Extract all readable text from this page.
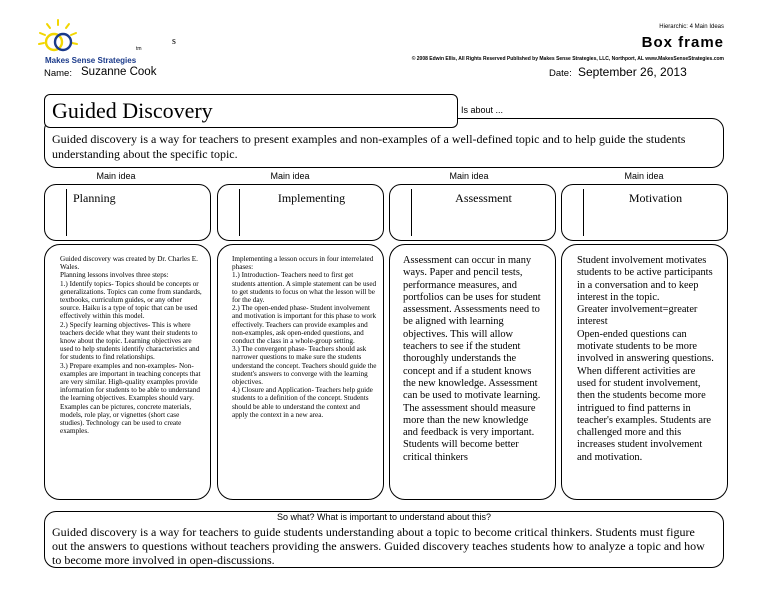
Makes Sense Strategies
tm
s
Name: Suzanne Cook
Hierarchic: 4 Main Ideas
Box frame
© 2008 Edwin Ellis, All Rights Reserved Published by Makes Sense Strategies, LLC, Northport, AL www.MakesSenseStrategies.com
Date: September 26, 2013
Guided discovery is a way for teachers to present examples and non-examples of a well-defined topic and to help guide the students understanding about the specific topic.
Guided Discovery	Is about ...
Main idea	Main idea	Main idea	Main idea
Planning	Implementing	Assessment	Motivation
Guided discovery was created by Dr. Charles E. Wales.
Planning lessons involves three steps:
1.) Identify topics- Topics should be concepts or generalizations. Topics can come from standards, textbooks, curriculum guides, or any other source. Haiku is a type of topic that can be used effectively within this model.
2.) Specify learning objectives- This is where teachers decide what they want their students to know about the topic. Learning objectives are used to help students identify characteristics and for students to find relationships.
3.) Prepare examples and non-examples- Non-examples are important in teaching concepts that are very similar. High-quality examples provide information for students to be able to understand the learning objectives. Examples should vary. Examples can be pictures, concrete materials, models, role play, or vignettes (short case studies). Technology can be used to create examples.
Implementing a lesson occurs in four interrelated phases:
1.) Introduction- Teachers need to first get students attention. A simple statement can be used to get students to focus on what the lesson will be for the day.
2.) The open-ended phase- Student involvement and motivation is important for this phase to work effectively. Teachers can provide examples and non-examples, ask open-ended questions, and conduct the class in a whole-group setting.
3.) The convergent phase- Teachers should ask narrower questions to make sure the students understand the concept. Teachers should guide the student's answers to converge with the learning objectives.
4.) Closure and Application- Teachers help guide students to a definition of the concept. Students should be able to understand the context and apply the context in a new area.
Assessment can occur in many ways. Paper and pencil tests, performance measures, and portfolios can be uses for student assessment. Assessments need to be aligned with learning objectives. This will allow teachers to see if the student thoroughly understands the concept and if a student knows the new knowledge. Assessment can be used to motivate learning. The assessment should measure more than the new knowledge and feedback is very important. Students will become better critical thinkers
Student involvement motivates students to be active participants in a conversation and to keep interest in the topic.
Greater involvement=greater interest
Open-ended questions can motivate students to be more involved in answering questions.
When different activities are used for student involvement, then the students become more intrigued to find patterns in teacher's examples. Students are challenged more and this increases student involvement and motivation.
So what? What is important to understand about this?
Guided discovery is a way for teachers to guide students understanding about a topic to become critical thinkers. Students must figure out the answers to questions without teachers providing the answers. Guided discovery teaches students how to analyze a topic and how to become more involved in open-discussions.
